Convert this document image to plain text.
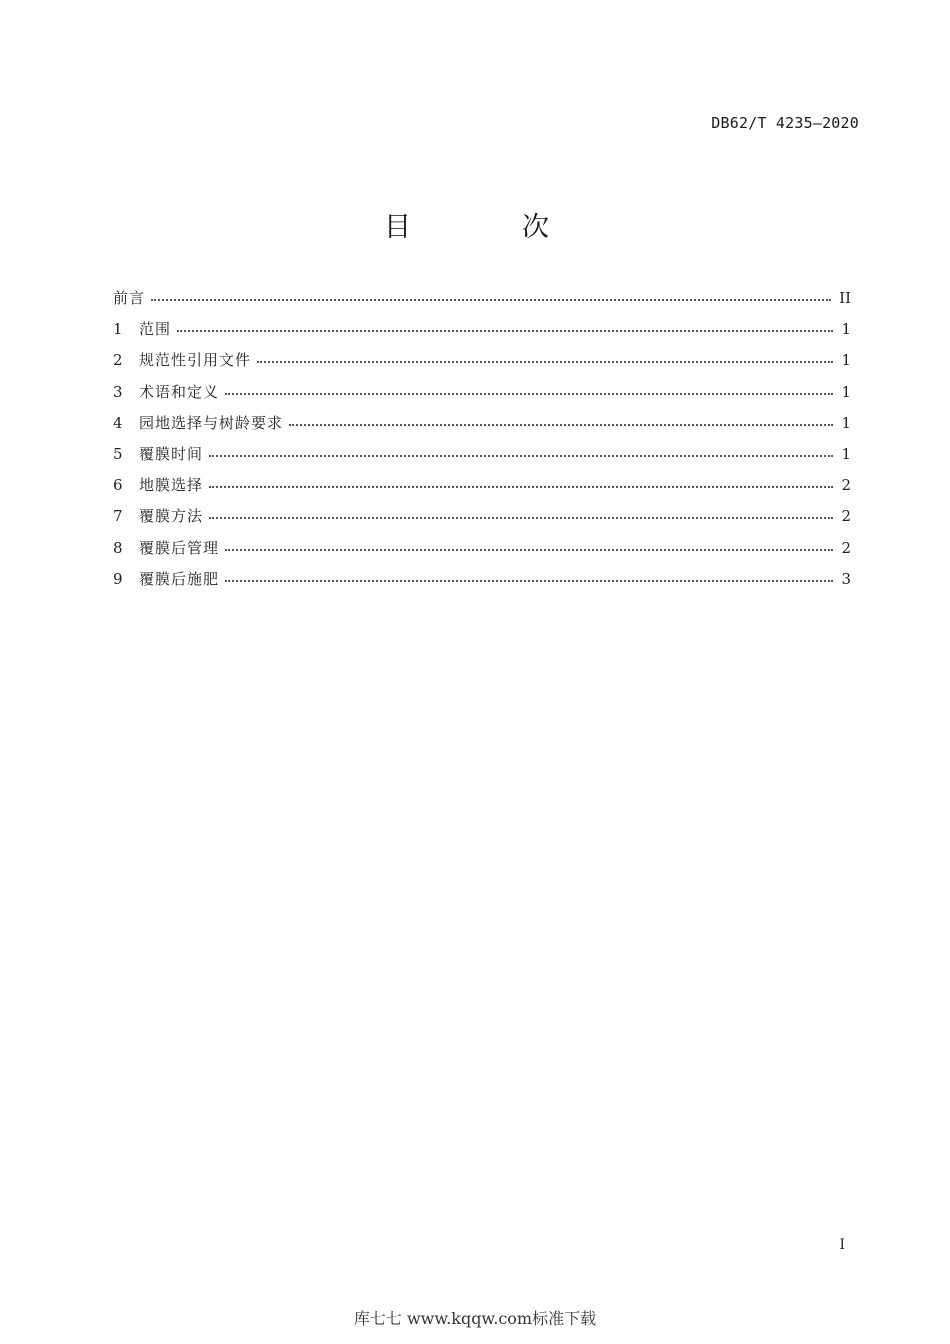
DB62/T 4235—2020
目　次
前言	II
1	范围	1
2	规范性引用文件	1
3	术语和定义	1
4	园地选择与树龄要求	1
5	覆膜时间	1
6	地膜选择	2
7	覆膜方法	2
8	覆膜后管理	2
9	覆膜后施肥	3
I
库七七 www.kqqw.com标准下载
